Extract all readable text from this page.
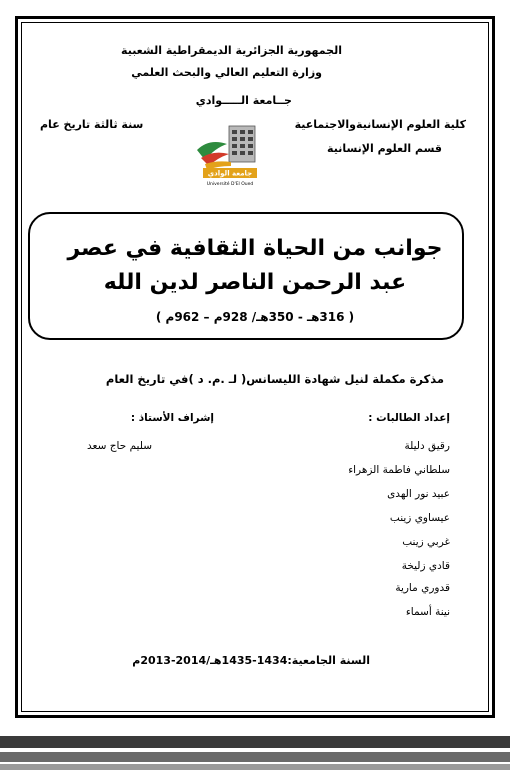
الجمهورية الجزائرية الديمقراطية الشعبية
وزارة التعليم العالي والبحث العلمي
جــامعة الـــــوادي
كلية العلوم الإنسانيةوالاجتماعية
قسم العلوم الإنسانية
سنة ثالثة تاريخ عام
جامعة الوادي
Université D'El Oued
جوانب من الحياة الثقافية في عصر
عبد الرحمن الناصر لدين الله
( 316هـ - 350هـ/ 928م – 962م )
مذكرة مكملة لنيل شهادة الليسانس( لـ .م. د )في تاريخ العام
إعداد الطالبات :
رقيق دليلة
سلطاني فاطمة الزهراء
عبيد نور الهدى
عيساوي زينب
غربي زينب
قادي زليخة
قدوري مارية
نينة أسماء
إشراف الأستاذ :
سليم حاج سعد
السنة الجامعية:1434-1435هـ/2014-2013م
